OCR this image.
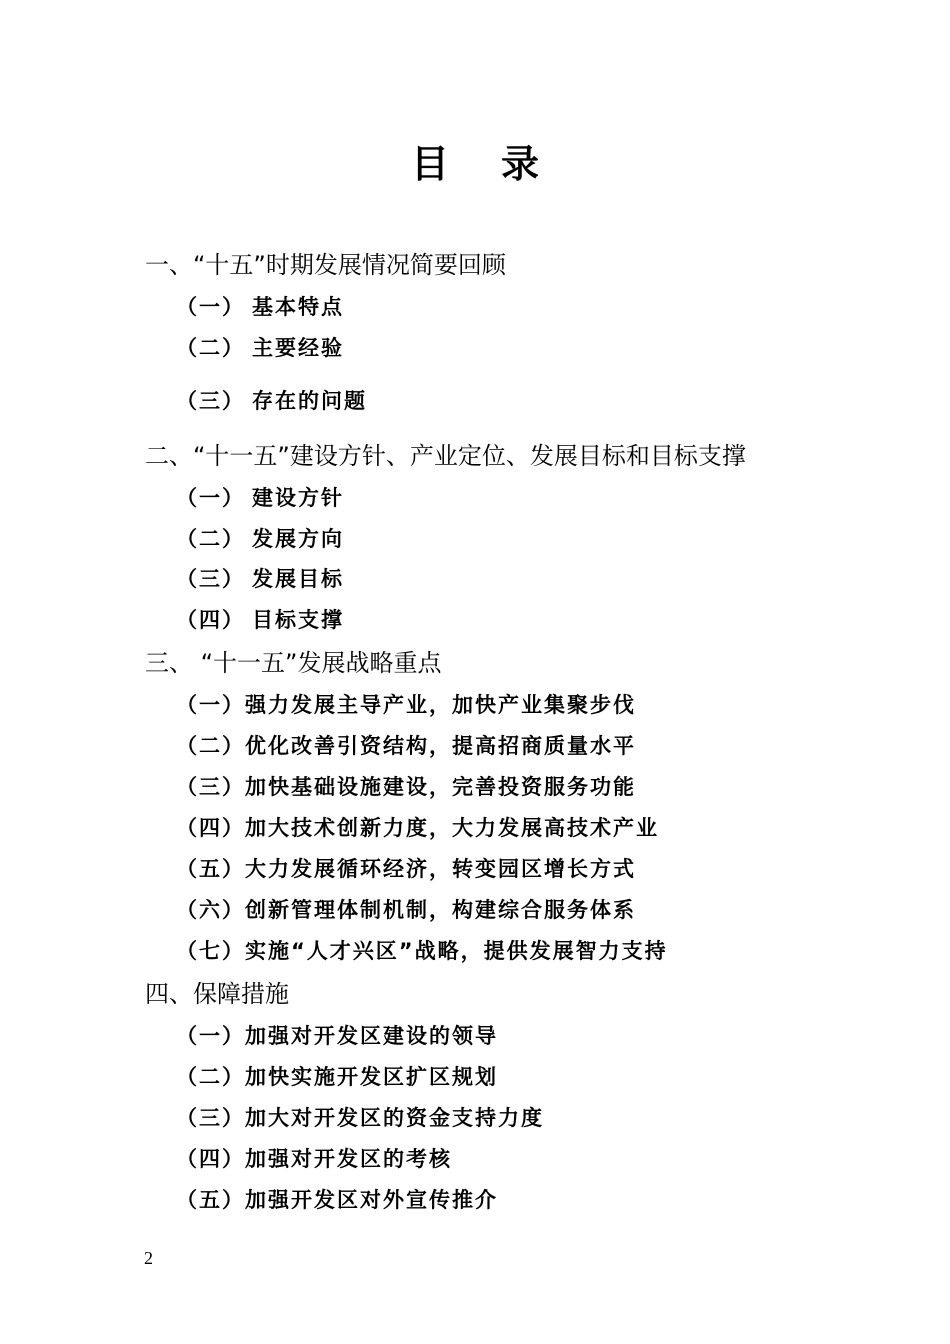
目录
一、“十五”时期发展情况简要回顾
（一） 基本特点
（二） 主要经验
（三） 存在的问题
二、“十一五”建设方针、产业定位、发展目标和目标支撑
（一） 建设方针
（二） 发展方向
（三） 发展目标
（四） 目标支撑
三、 “十一五”发展战略重点
（一）强力发展主导产业，加快产业集聚步伐
（二）优化改善引资结构，提高招商质量水平
（三）加快基础设施建设，完善投资服务功能
（四）加大技术创新力度，大力发展高技术产业
（五）大力发展循环经济，转变园区增长方式
（六）创新管理体制机制，构建综合服务体系
（七）实施“人才兴区”战略，提供发展智力支持
四、保障措施
（一）加强对开发区建设的领导
（二）加快实施开发区扩区规划
（三）加大对开发区的资金支持力度
（四）加强对开发区的考核
（五）加强开发区对外宣传推介
2
